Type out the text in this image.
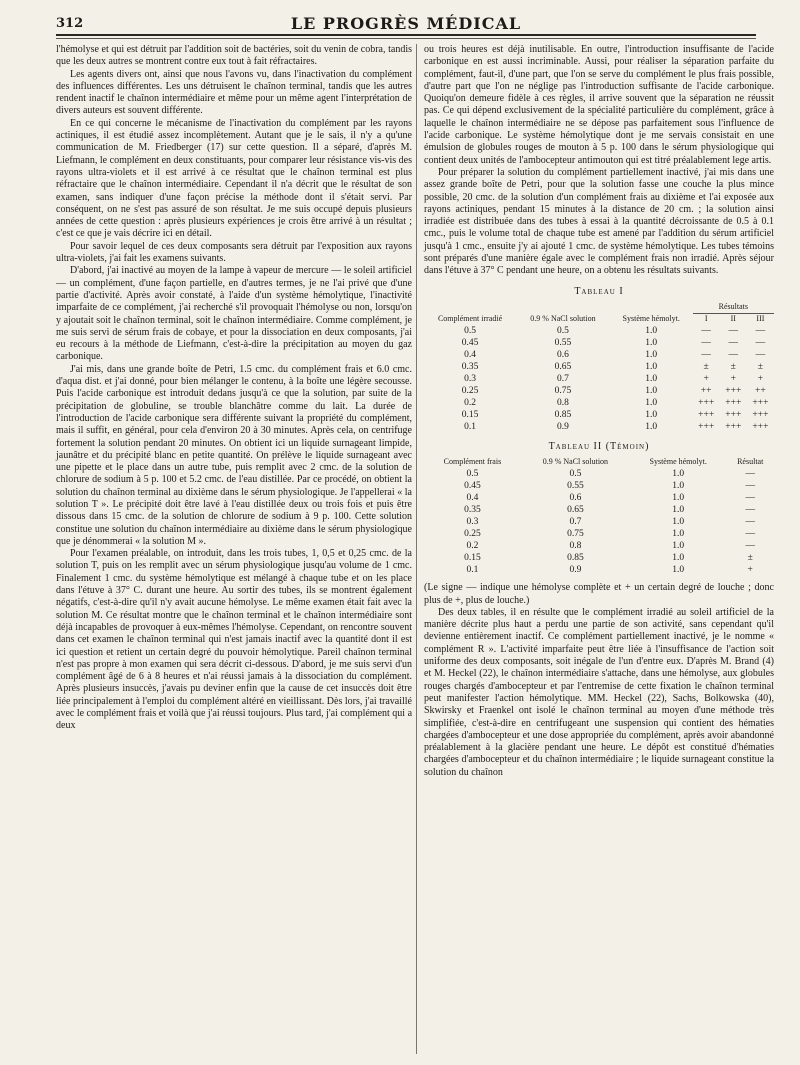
312	LE PROGRÈS MÉDICAL

l'hémolyse et qui est détruit par l'addition soit de bactéries, soit du venin de cobra, tandis que les deux autres se montrent contre eux tout à fait réfractaires.

Les agents divers ont, ainsi que nous l'avons vu, dans l'inactivation du complément des influences différentes. Les uns détruisent le chaînon terminal, tandis que les autres rendent inactif le chaînon intermédiaire et même pour un même agent l'interprétation de divers auteurs est souvent différente.

En ce qui concerne le mécanisme de l'inactivation du complément par les rayons actiniques, il est étudié assez incomplètement. Autant que je le sais, il n'y a qu'une communication de M. Friedberger (17) sur cette question. Il a séparé, d'après M. Liefmann, le complément en deux constituants, pour comparer leur résistance vis-vis des rayons ultra-violets et il est arrivé à ce résultat que le chaînon terminal est plus réfractaire que le chaînon intermédiaire. Cependant il n'a décrit que le résultat de son examen, sans indiquer d'une façon précise la méthode dont il s'était servi. Par conséquent, on ne s'est pas assuré de son résultat. Je me suis occupé depuis plusieurs années de cette question : après plusieurs expériences je crois être arrivé à un résultat ; c'est ce que je vais décrire ici en détail.

Pour savoir lequel de ces deux composants sera détruit par l'exposition aux rayons ultra-violets, j'ai fait les examens suivants.

D'abord, j'ai inactivé au moyen de la lampe à vapeur de mercure — le soleil artificiel — un complément, d'une façon partielle, en d'autres termes, je ne l'ai privé que d'une partie d'activité. Après avoir constaté, à l'aide d'un système hémolytique, l'inactivité imparfaite de ce complément, j'ai recherché s'il provoquait l'hémolyse ou non, lorsqu'on y ajoutait soit le chaînon terminal, soit le chaînon intermédiaire. Comme complément, je me suis servi de sérum frais de cobaye, et pour la dissociation en deux composants, j'ai eu recours à la méthode de Liefmann, c'est-à-dire la précipitation au moyen du gaz carbonique.

J'ai mis, dans une grande boîte de Petri, 1.5 cmc. du complément frais et 6.0 cmc. d'aqua dist. et j'ai donné, pour bien mélanger le contenu, à la boîte une légère secousse. Puis l'acide carbonique est introduit dedans jusqu'à ce que la solution, par suite de la précipitation de globuline, se trouble blanchâtre comme du lait. La durée de l'introduction de l'acide carbonique sera différente suivant la propriété du complément, mais il suffit, en général, pour cela d'environ 20 à 30 minutes. Après cela, on centrifuge fortement la solution pendant 20 minutes. On obtient ici un liquide surnageant limpide, jaunâtre et du précipité blanc en petite quantité. On prélève le liquide surnageant avec une pipette et le place dans un autre tube, puis remplit avec 2 cmc. de la solution de chlorure de sodium à 5 p. 100 et 5.2 cmc. de l'eau distillée. Par ce procédé, on obtient la solution du chaînon terminal au dixième dans le sérum physiologique. Je l'appellerai « la solution T ». Le précipité doit être lavé à l'eau distillée deux ou trois fois et puis être dissous dans 15 cmc. de la solution de chlorure de sodium à 9 p. 100. Cette solution constitue une solution du chaînon intermédiaire au dixième dans le sérum physiologique que je dénommerai « la solution M ».

Pour l'examen préalable, on introduit, dans les trois tubes, 1, 0,5 et 0,25 cmc. de la solution T, puis on les remplit avec un sérum physiologique jusqu'au volume de 1 cmc. Finalement 1 cmc. du système hémolytique est mélangé à chaque tube et on les place dans l'étuve à 37° C. durant une heure. Au sortir des tubes, ils se montrent également négatifs, c'est-à-dire qu'il n'y avait aucune hémolyse. Le même examen était fait avec la solution M. Ce résultat montre que le chaînon terminal et le chaînon intermédiaire sont déjà incapables de provoquer à eux-mêmes l'hémolyse. Cependant, on rencontre souvent dans cet examen le chaînon terminal qui n'est jamais inactif avec la quantité dont il est ici question et retient un certain degré du pouvoir hémolytique. Pareil chaînon terminal n'est pas propre à mon examen qui sera décrit ci-dessous. D'abord, je me suis servi d'un complément âgé de 6 à 8 heures et n'ai réussi jamais à la dissociation du complément. Après plusieurs insuccès, j'avais pu deviner enfin que la cause de cet insuccès doit être liée principalement à l'emploi du complément altéré en vieillissant. Dès lors, j'ai travaillé avec le complément frais et voilà que j'ai réussi toujours. Plus tard, j'ai complément qui a deux

ou trois heures est déjà inutilisable. En outre, l'introduction insuffisante de l'acide carbonique en est aussi incriminable. Aussi, pour réaliser la séparation parfaite du complément, faut-il, d'une part, que l'on se serve du complément le plus frais possible, d'autre part que l'on ne néglige pas l'introduction suffisante de l'acide carbonique. Quoiqu'on demeure fidèle à ces règles, il arrive souvent que la séparation ne réussit pas. Ce qui dépend exclusivement de la spécialité particulière du complément, grâce à laquelle le chaînon intermédiaire ne se dépose pas parfaitement sous l'influence de l'acide carbonique. Le système hémolytique dont je me servais consistait en une émulsion de globules rouges de mouton à 5 p. 100 dans le sérum physiologique qui contient deux unités de l'ambocepteur antimouton qui est titré préalablement lege artis.

Pour préparer la solution du complément partiellement inactivé, j'ai mis dans une assez grande boîte de Petri, pour que la solution fasse une couche la plus mince possible, 20 cmc. de la solution d'un complément frais au dixième et l'ai exposée aux rayons actiniques, pendant 15 minutes à la distance de 20 cm. ; la solution ainsi irradiée est distribuée dans des tubes à essai à la quantité décroissante de 0.5 à 0.1 cmc., puis le volume total de chaque tube est amené par l'addition du sérum artificiel jusqu'à 1 cmc., ensuite j'y ai ajouté 1 cmc. de système hémolytique. Les tubes témoins sont préparés d'une manière égale avec le complément frais non irradié. Après séjour dans l'étuve à 37° C pendant une heure, on a obtenu les résultats suivants.

Tableau I
Complément irradié	0.9 % NaCl solution	Système hémolyt.	Résultats		
			I	II	III
0.5	0.5	1.0	—	—	—
0.45	0.55	1.0	—	—	—
0.4	0.6	1.0	—	—	—
0.35	0.65	1.0	±	±	±
0.3	0.7	1.0	+	+	+
0.25	0.75	1.0	++	+++	++
0.2	0.8	1.0	+++	+++	+++
0.15	0.85	1.0	+++	+++	+++
0.1	0.9	1.0	+++	+++	+++
Tableau II (Témoin)
Complément frais	0.9 % NaCl solution	Système hémolyt.	Résultat
0.5	0.5	1.0	—
0.45	0.55	1.0	—
0.4	0.6	1.0	—
0.35	0.65	1.0	—
0.3	0.7	1.0	—
0.25	0.75	1.0	—
0.2	0.8	1.0	—
0.15	0.85	1.0	±
0.1	0.9	1.0	+

(Le signe — indique une hémolyse complète et + un certain degré de louche ; donc plus de +, plus de louche.)

Des deux tables, il en résulte que le complément irradié au soleil artificiel de la manière décrite plus haut a perdu une partie de son activité, sans cependant qu'il devienne entièrement inactif. Ce complément partiellement inactivé, je le nomme « complément R ». L'activité imparfaite peut être liée à l'insuffisance de l'action soit uniforme des deux composants, soit inégale de l'un d'entre eux. D'après M. Brand (4) et M. Heckel (22), le chaînon intermédiaire s'attache, dans une hémolyse, aux globules rouges chargés d'ambocepteur et par l'entremise de cette fixation le chaînon terminal peut manifester l'action hémolytique. MM. Heckel (22), Sachs, Bolkowska (40), Skwirsky et Fraenkel ont isolé le chaînon terminal au moyen d'une méthode très simplifiée, c'est-à-dire en centrifugeant une suspension qui contient des hématies chargées d'ambocepteur et une dose appropriée du complément, après avoir abandonné préalablement à la glacière pendant une heure. Le dépôt est constitué d'hématies chargées d'ambocepteur et du chaînon intermédiaire ; le liquide surnageant constitue la solution du chaînon
